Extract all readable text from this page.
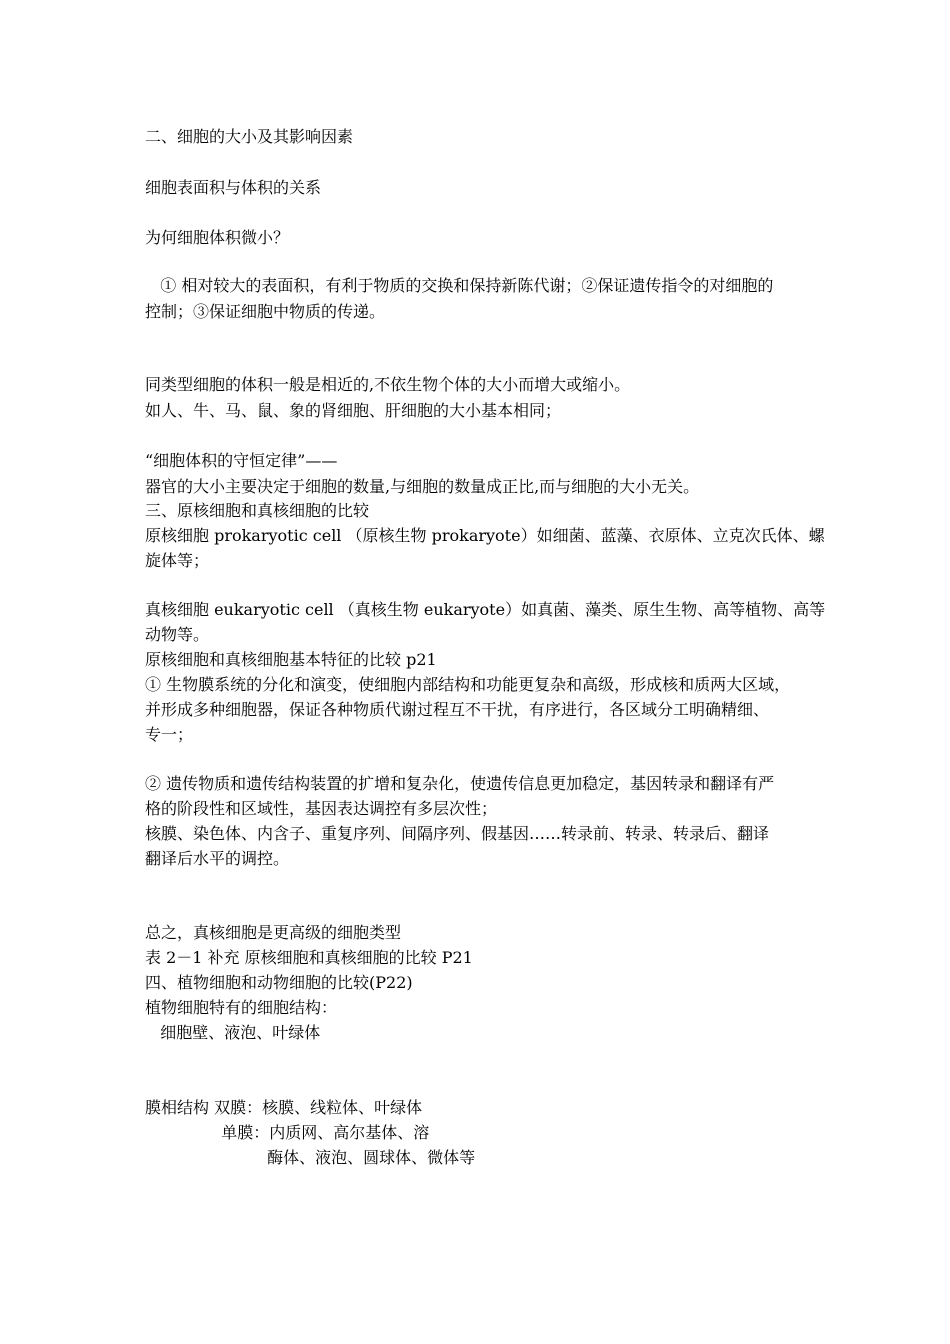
二、细胞的大小及其影响因素
细胞表面积与体积的关系
为何细胞体积微小？
① 相对较大的表面积，有利于物质的交换和保持新陈代谢；②保证遗传指令的对细胞的
控制；③保证细胞中物质的传递。
同类型细胞的体积一般是相近的,不依生物个体的大小而增大或缩小。
如人、牛、马、鼠、象的肾细胞、肝细胞的大小基本相同；
“细胞体积的守恒定律”——
器官的大小主要决定于细胞的数量,与细胞的数量成正比,而与细胞的大小无关。
三、原核细胞和真核细胞的比较
原核细胞 prokaryotic cell （原核生物 prokaryote）如细菌、蓝藻、衣原体、立克次氏体、螺
旋体等；
真核细胞 eukaryotic cell （真核生物 eukaryote）如真菌、藻类、原生生物、高等植物、高等
动物等。
原核细胞和真核细胞基本特征的比较 p21
① 生物膜系统的分化和演变，使细胞内部结构和功能更复杂和高级，形成核和质两大区域，
并形成多种细胞器，保证各种物质代谢过程互不干扰，有序进行，各区域分工明确精细、
专一；
② 遗传物质和遗传结构装置的扩增和复杂化，使遗传信息更加稳定，基因转录和翻译有严
格的阶段性和区域性，基因表达调控有多层次性；
核膜、染色体、内含子、重复序列、间隔序列、假基因……转录前、转录、转录后、翻译
翻译后水平的调控。
总之，真核细胞是更高级的细胞类型
表 2－1 补充 原核细胞和真核细胞的比较 P21
四、植物细胞和动物细胞的比较(P22)
植物细胞特有的细胞结构：
细胞壁、液泡、叶绿体
膜相结构 双膜：核膜、线粒体、叶绿体
单膜：内质网、高尔基体、溶
酶体、液泡、圆球体、微体等
